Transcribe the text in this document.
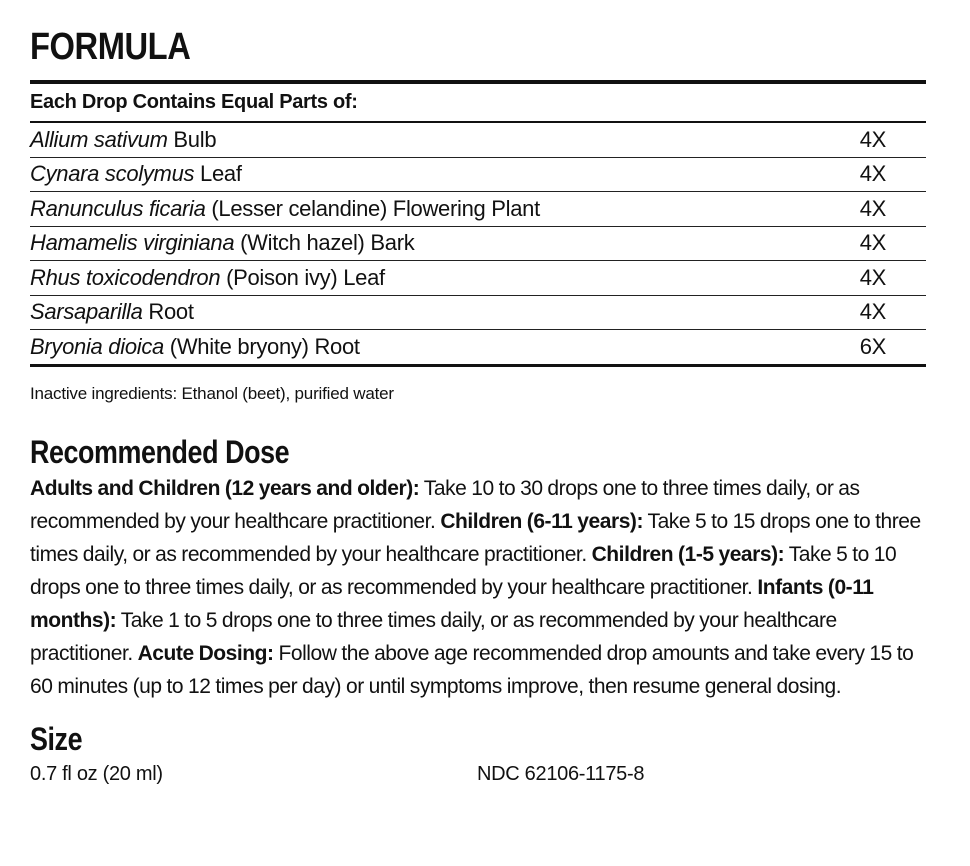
FORMULA
Each Drop Contains Equal Parts of:	
Allium sativum Bulb	4X
Cynara scolymus Leaf	4X
Ranunculus ficaria (Lesser celandine) Flowering Plant	4X
Hamamelis virginiana (Witch hazel) Bark	4X
Rhus toxicodendron (Poison ivy) Leaf	4X
Sarsaparilla Root	4X
Bryonia dioica (White bryony) Root	6X
Inactive ingredients: Ethanol (beet), purified water
Recommended Dose
Adults and Children (12 years and older): Take 10 to 30 drops one to three times daily, or as recommended by your healthcare practitioner. Children (6-11 years): Take 5 to 15 drops one to three times daily, or as recommended by your healthcare practitioner. Children (1-5 years): Take 5 to 10 drops one to three times daily, or as recommended by your healthcare practitioner. Infants (0-11 months): Take 1 to 5 drops one to three times daily, or as recommended by your healthcare practitioner. Acute Dosing: Follow the above age recommended drop amounts and take every 15 to 60 minutes (up to 12 times per day) or until symptoms improve, then resume general dosing.
Size
0.7 fl oz (20 ml)	NDC 62106-1175-8
